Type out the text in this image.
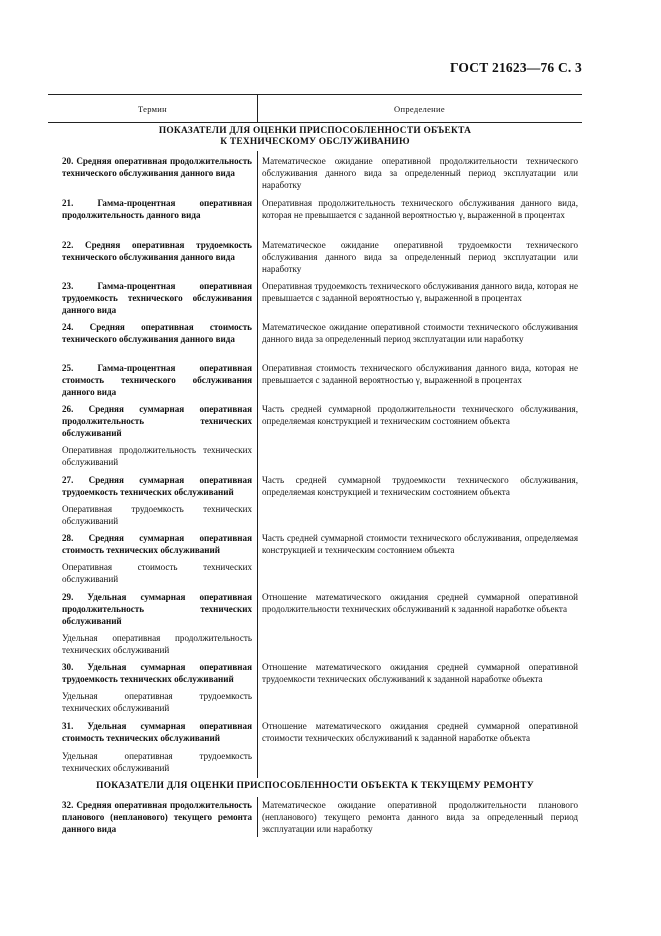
ГОСТ 21623—76 С. 3
Термин	Определение
ПОКАЗАТЕЛИ ДЛЯ ОЦЕНКИ ПРИСПОСОБЛЕННОСТИ ОБЪЕКТА
К ТЕХНИЧЕСКОМУ ОБСЛУЖИВАНИЮ

20. Средняя оперативная продолжительность технического обслуживания данного вида

Математическое ожидание оперативной продолжительности технического обслуживания данного вида за определенный период эксплуатации или наработку

21. Гамма-процентная оперативная продолжительность данного вида

Оперативная продолжительность технического обслуживания данного вида, которая не превышается с заданной вероятностью γ, выраженной в процентах

22. Средняя оперативная трудоемкость технического обслуживания данного вида

Математическое ожидание оперативной трудоемкости технического обслуживания данного вида за определенный период эксплуатации или наработку

23. Гамма-процентная оперативная трудоемкость технического обслуживания данного вида

Оперативная трудоемкость технического обслуживания данного вида, которая не превышается с заданной вероятностью γ, выраженной в процентах

24. Средняя оперативная стоимость технического обслуживания данного вида

Математическое ожидание оперативной стоимости технического обслуживания данного вида за определенный период эксплуатации или наработку

25. Гамма-процентная оперативная стоимость технического обслуживания данного вида

Оперативная стоимость технического обслуживания данного вида, которая не превышается с заданной вероятностью γ, выраженной в процентах

26. Средняя суммарная оперативная продолжительность технических обслуживаний

Часть средней суммарной продолжительности технического обслуживания, определяемая конструкцией и техническим состоянием объекта

Оперативная продолжительность технических обслуживаний

27. Средняя суммарная оперативная трудоемкость технических обслуживаний

Часть средней суммарной трудоемкости технического обслуживания, определяемая конструкцией и техническим состоянием объекта

Оперативная трудоемкость технических обслуживаний

28. Средняя суммарная оперативная стоимость технических обслуживаний

Часть средней суммарной стоимости технического обслуживания, определяемая конструкцией и техническим состоянием объекта

Оперативная стоимость технических обслуживаний

29. Удельная суммарная оперативная продолжительность технических обслуживаний

Отношение математического ожидания средней суммарной оперативной продолжительности технических обслуживаний к заданной наработке объекта

Удельная оперативная продолжительность технических обслуживаний

30. Удельная суммарная оперативная трудоемкость технических обслуживаний

Отношение математического ожидания средней суммарной оперативной трудоемкости технических обслуживаний к заданной наработке объекта

Удельная оперативная трудоемкость технических обслуживаний

31. Удельная суммарная оперативная стоимость технических обслуживаний

Отношение математического ожидания средней суммарной оперативной стоимости технических обслуживаний к заданной наработке объекта

Удельная оперативная трудоемкость технических обслуживаний

ПОКАЗАТЕЛИ ДЛЯ ОЦЕНКИ ПРИСПОСОБЛЕННОСТИ ОБЪЕКТА К ТЕКУЩЕМУ РЕМОНТУ

32. Средняя оперативная продолжительность планового (непланового) текущего ремонта данного вида

Математическое ожидание оперативной продолжительности планового (непланового) текущего ремонта данного вида за определенный период эксплуатации или наработку
